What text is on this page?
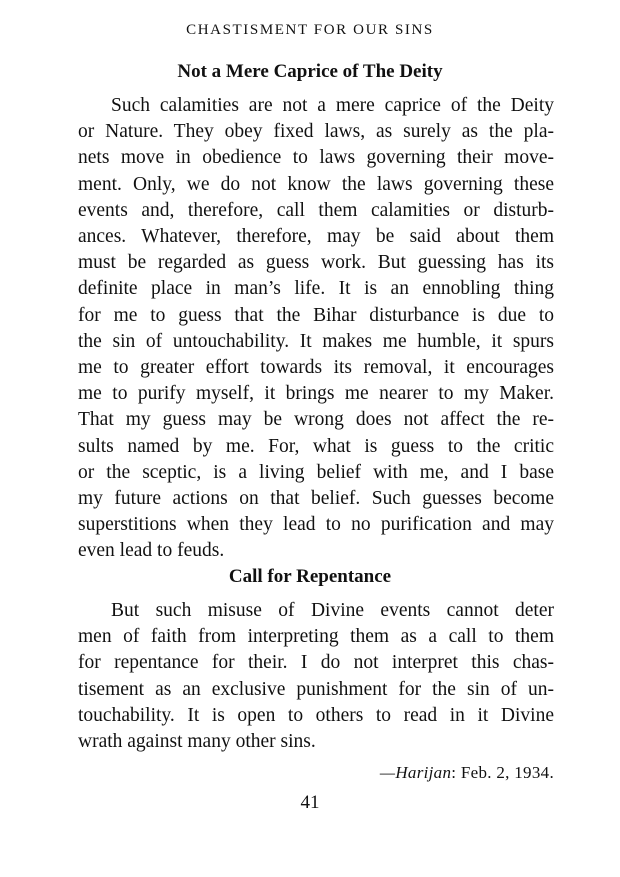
CHASTISMENT FOR OUR SINS
Not a Mere Caprice of The Deity

Such calamities are not a mere caprice of the Deity
or Nature. They obey fixed laws, as surely as the pla-
nets move in obedience to laws governing their move-
ment. Only, we do not know the laws governing these
events and, therefore, call them calamities or disturb-
ances. Whatever, therefore, may be said about them
must be regarded as guess work. But guessing has its
definite place in man’s life. It is an ennobling thing
for me to guess that the Bihar disturbance is due to
the sin of untouchability. It makes me humble, it spurs
me to greater effort towards its removal, it encourages
me to purify myself, it brings me nearer to my Maker.
That my guess may be wrong does not affect the re-
sults named by me. For, what is guess to the critic
or the sceptic, is a living belief with me, and I base
my future actions on that belief. Such guesses become
superstitions when they lead to no purification and may
even lead to feuds.

Call for Repentance

But such misuse of Divine events cannot deter
men of faith from interpreting them as a call to them
for repentance for their. I do not interpret this chas-
tisement as an exclusive punishment for the sin of un-
touchability. It is open to others to read in it Divine
wrath against many other sins.

—Harijan: Feb. 2, 1934.
41
